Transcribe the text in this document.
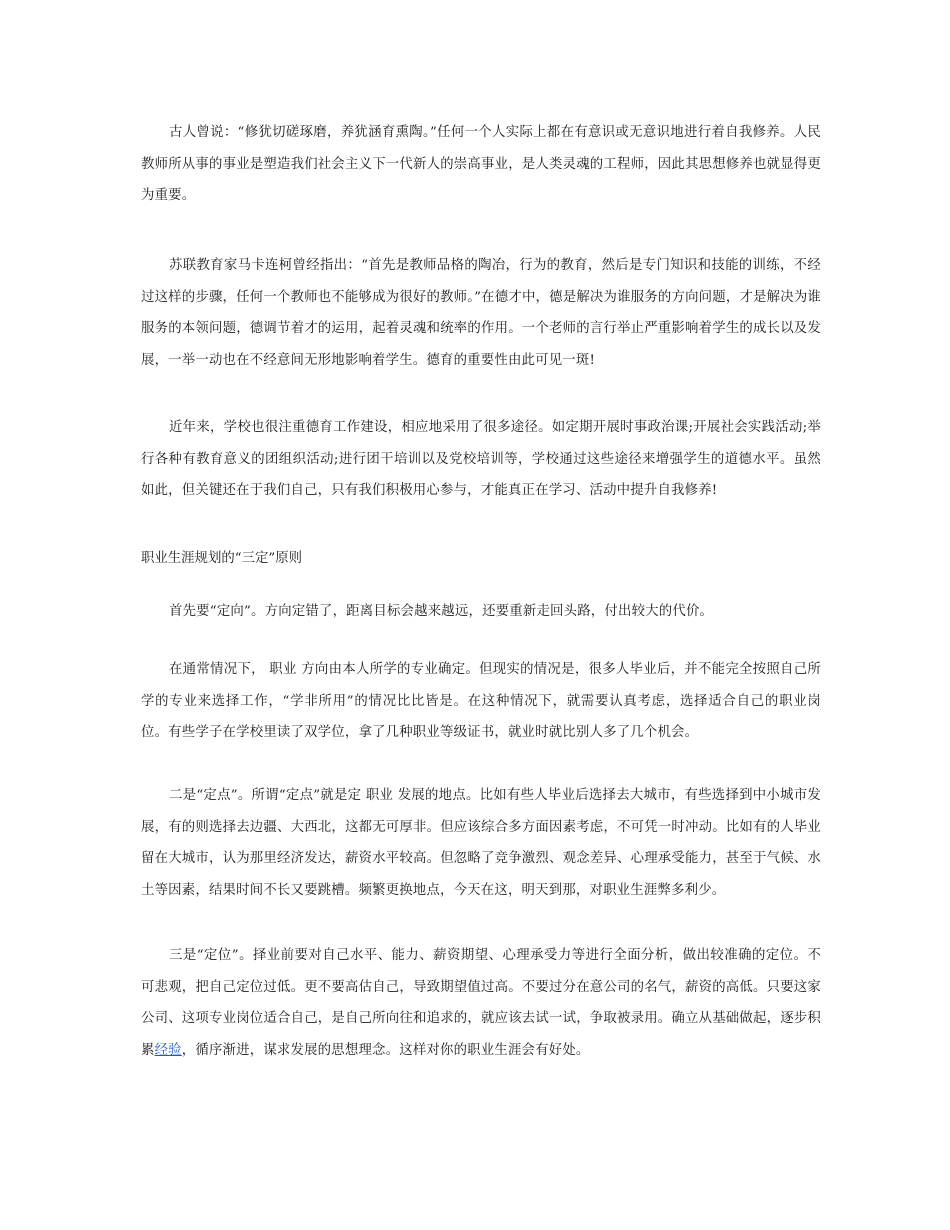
古人曾说：“修犹切磋琢磨，养犹涵育熏陶。”任何一个人实际上都在有意识或无意识地进行着自我修养。人民教师所从事的事业是塑造我们社会主义下一代新人的崇高事业，是人类灵魂的工程师，因此其思想修养也就显得更为重要。

苏联教育家马卡连柯曾经指出：“首先是教师品格的陶冶，行为的教育，然后是专门知识和技能的训练，不经过这样的步骤，任何一个教师也不能够成为很好的教师。”在德才中，德是解决为谁服务的方向问题，才是解决为谁服务的本领问题，德调节着才的运用，起着灵魂和统率的作用。一个老师的言行举止严重影响着学生的成长以及发展，一举一动也在不经意间无形地影响着学生。德育的重要性由此可见一斑!

近年来，学校也很注重德育工作建设，相应地采用了很多途径。如定期开展时事政治课;开展社会实践活动;举行各种有教育意义的团组织活动;进行团干培训以及党校培训等，学校通过这些途径来增强学生的道德水平。虽然如此，但关键还在于我们自己，只有我们积极用心参与，才能真正在学习、活动中提升自我修养!

职业生涯规划的“三定”原则

首先要“定向”。方向定错了，距离目标会越来越远，还要重新走回头路，付出较大的代价。

在通常情况下， 职业 方向由本人所学的专业确定。但现实的情况是，很多人毕业后，并不能完全按照自己所学的专业来选择工作，“学非所用”的情况比比皆是。在这种情况下，就需要认真考虑，选择适合自己的职业岗位。有些学子在学校里读了双学位，拿了几种职业等级证书，就业时就比别人多了几个机会。

二是“定点”。所谓“定点”就是定 职业 发展的地点。比如有些人毕业后选择去大城市，有些选择到中小城市发展，有的则选择去边疆、大西北，这都无可厚非。但应该综合多方面因素考虑，不可凭一时冲动。比如有的人毕业留在大城市，认为那里经济发达，薪资水平较高。但忽略了竞争激烈、观念差异、心理承受能力，甚至于气候、水土等因素，结果时间不长又要跳槽。频繁更换地点，今天在这，明天到那，对职业生涯弊多利少。

三是“定位”。择业前要对自己水平、能力、薪资期望、心理承受力等进行全面分析，做出较准确的定位。不可悲观，把自己定位过低。更不要高估自己，导致期望值过高。不要过分在意公司的名气，薪资的高低。只要这家公司、这项专业岗位适合自己，是自己所向往和追求的，就应该去试一试，争取被录用。确立从基础做起，逐步积累经验，循序渐进，谋求发展的思想理念。这样对你的职业生涯会有好处。
